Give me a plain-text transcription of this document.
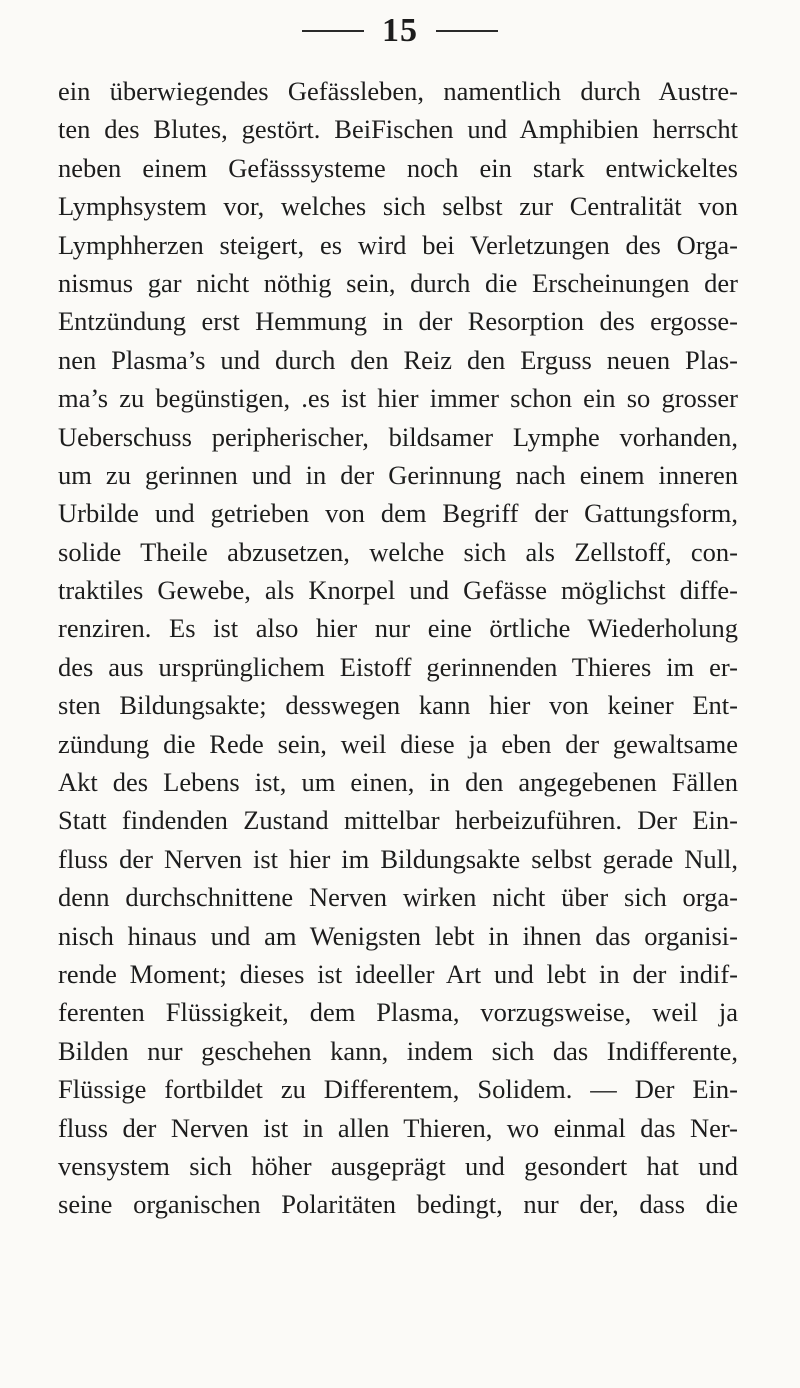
15
ein überwiegendes Gefässleben, namentlich durch Austre-
ten des Blutes, gestört. BeiFischen und Amphibien herrscht
neben einem Gefässsysteme noch ein stark entwickeltes
Lymphsystem vor, welches sich selbst zur Centralität von
Lymphherzen steigert, es wird bei Verletzungen des Orga-
nismus gar nicht nöthig sein, durch die Erscheinungen der
Entzündung erst Hemmung in der Resorption des ergosse-
nen Plasma’s und durch den Reiz den Erguss neuen Plas-
ma’s zu begünstigen, .es ist hier immer schon ein so grosser
Ueberschuss peripherischer, bildsamer Lymphe vorhanden,
um zu gerinnen und in der Gerinnung nach einem inneren
Urbilde und getrieben von dem Begriff der Gattungsform,
solide Theile abzusetzen, welche sich als Zellstoff, con-
traktiles Gewebe, als Knorpel und Gefässe möglichst diffe-
renziren. Es ist also hier nur eine örtliche Wiederholung
des aus ursprünglichem Eistoff gerinnenden Thieres im er-
sten Bildungsakte; desswegen kann hier von keiner Ent-
zündung die Rede sein, weil diese ja eben der gewaltsame
Akt des Lebens ist, um einen, in den angegebenen Fällen
Statt findenden Zustand mittelbar herbeizuführen. Der Ein-
fluss der Nerven ist hier im Bildungsakte selbst gerade Null,
denn durchschnittene Nerven wirken nicht über sich orga-
nisch hinaus und am Wenigsten lebt in ihnen das organisi-
rende Moment; dieses ist ideeller Art und lebt in der indif-
ferenten Flüssigkeit, dem Plasma, vorzugsweise, weil ja
Bilden nur geschehen kann, indem sich das Indifferente,
Flüssige fortbildet zu Differentem, Solidem. — Der Ein-
fluss der Nerven ist in allen Thieren, wo einmal das Ner-
vensystem sich höher ausgeprägt und gesondert hat und
seine organischen Polaritäten bedingt, nur der, dass die
